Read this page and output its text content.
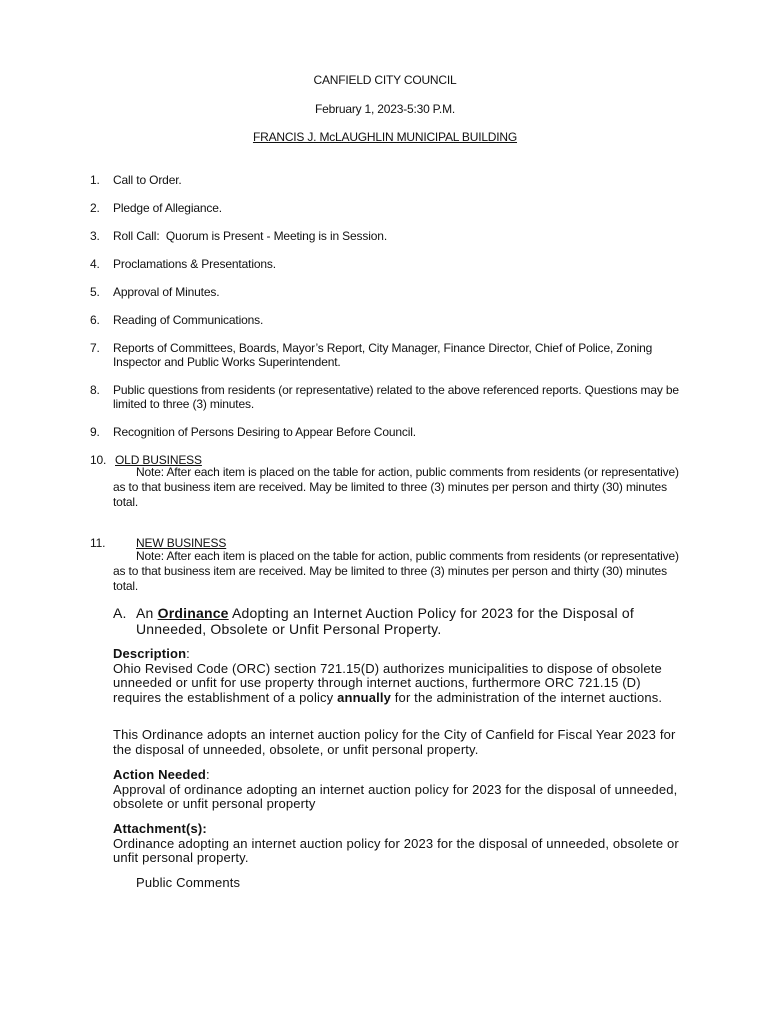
CANFIELD CITY COUNCIL
February 1, 2023-5:30 P.M.
FRANCIS J. McLAUGHLIN MUNICIPAL BUILDING
1. Call to Order.
2. Pledge of Allegiance.
3. Roll Call:  Quorum is Present - Meeting is in Session.
4. Proclamations & Presentations.
5. Approval of Minutes.
6. Reading of Communications.
7. Reports of Committees, Boards, Mayor’s Report, City Manager, Finance Director, Chief of Police, Zoning Inspector and Public Works Superintendent.
8. Public questions from residents (or representative) related to the above referenced reports. Questions may be limited to three (3) minutes.
9. Recognition of Persons Desiring to Appear Before Council.
10. OLD BUSINESS
Note: After each item is placed on the table for action, public comments from residents (or representative) as to that business item are received. May be limited to three (3) minutes per person and thirty (30) minutes total.
11.	NEW BUSINESS
Note: After each item is placed on the table for action, public comments from residents (or representative) as to that business item are received. May be limited to three (3) minutes per person and thirty (30) minutes total.
A. An Ordinance Adopting an Internet Auction Policy for 2023 for the Disposal of Unneeded, Obsolete or Unfit Personal Property.
Description:
Ohio Revised Code (ORC) section 721.15(D) authorizes municipalities to dispose of obsolete unneeded or unfit for use property through internet auctions, furthermore ORC 721.15 (D) requires the establishment of a policy annually for the administration of the internet auctions.
This Ordinance adopts an internet auction policy for the City of Canfield for Fiscal Year 2023 for the disposal of unneeded, obsolete, or unfit personal property.
Action Needed:
Approval of ordinance adopting an internet auction policy for 2023 for the disposal of unneeded, obsolete or unfit personal property
Attachment(s):
Ordinance adopting an internet auction policy for 2023 for the disposal of unneeded, obsolete or unfit personal property.
Public Comments
